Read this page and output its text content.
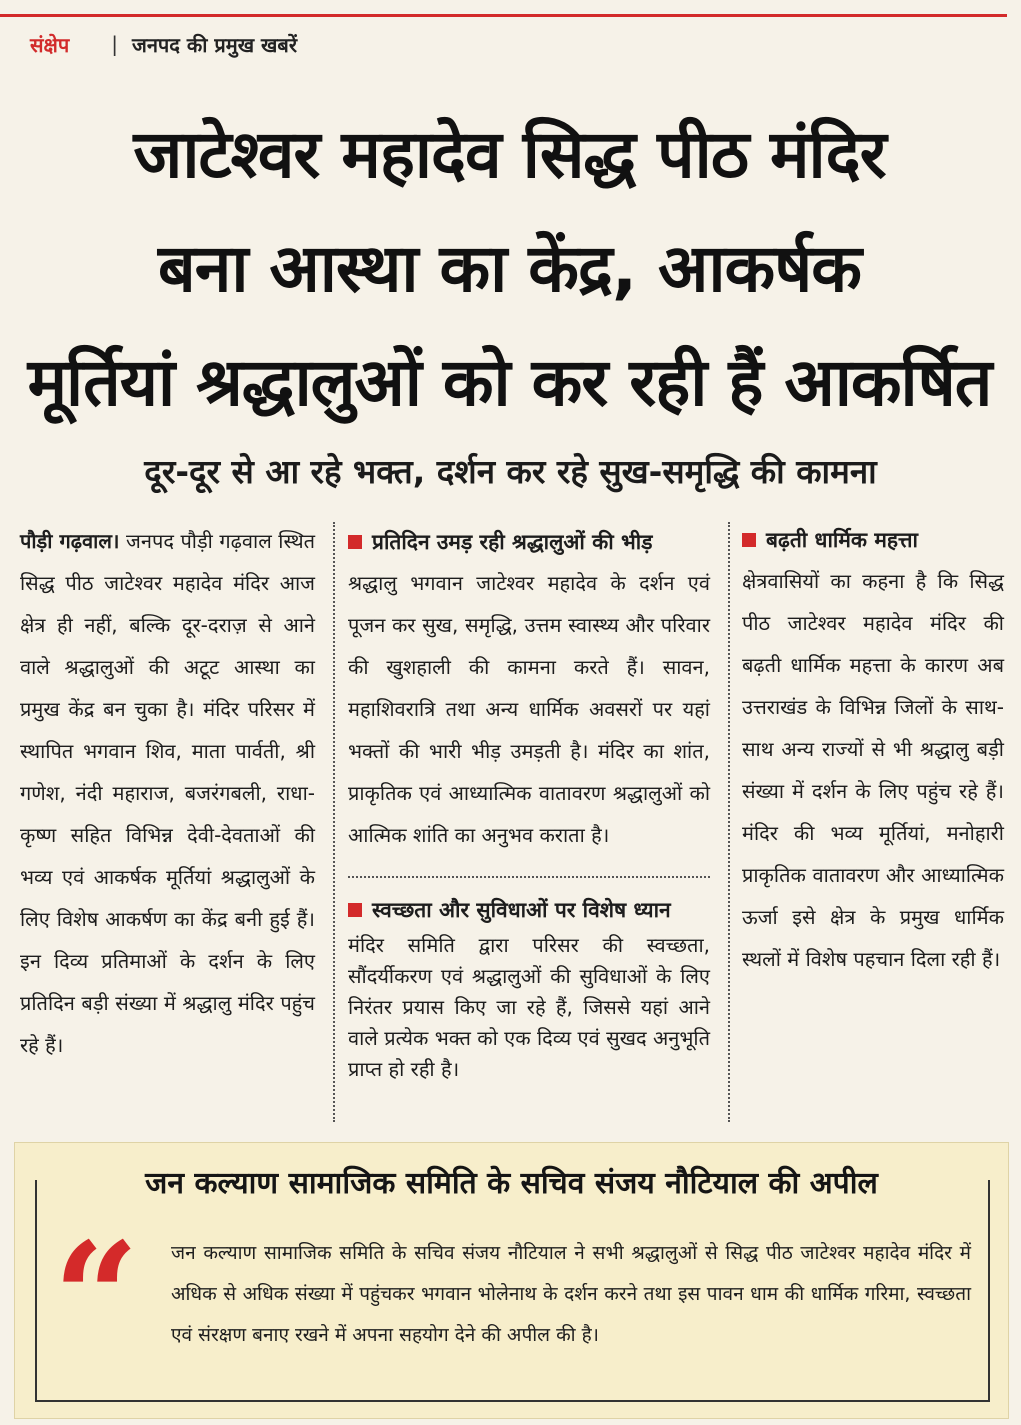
संक्षेप | जनपद की प्रमुख खबरें
जाटेश्वर महादेव सिद्ध पीठ मंदिर
बना आस्था का केंद्र, आकर्षक
मूर्तियां श्रद्धालुओं को कर रही हैं आकर्षित
दूर-दूर से आ रहे भक्त, दर्शन कर रहे सुख-समृद्धि की कामना

पौड़ी गढ़वाल। जनपद पौड़ी गढ़वाल स्थित सिद्ध पीठ जाटेश्वर महादेव मंदिर आज क्षेत्र ही नहीं, बल्कि दूर-दराज़ से आने वाले श्रद्धालुओं की अटूट आस्था का प्रमुख केंद्र बन चुका है। मंदिर परिसर में स्थापित भगवान शिव, माता पार्वती, श्री गणेश, नंदी महाराज, बजरंगबली, राधा-कृष्ण सहित विभिन्न देवी-देवताओं की भव्य एवं आकर्षक मूर्तियां श्रद्धालुओं के लिए विशेष आकर्षण का केंद्र बनी हुई हैं। इन दिव्य प्रतिमाओं के दर्शन के लिए प्रतिदिन बड़ी संख्या में श्रद्धालु मंदिर पहुंच रहे हैं।

प्रतिदिन उमड़ रही श्रद्धालुओं की भीड़

श्रद्धालु भगवान जाटेश्वर महादेव के दर्शन एवं पूजन कर सुख, समृद्धि, उत्तम स्वास्थ्य और परिवार की खुशहाली की कामना करते हैं। सावन, महाशिवरात्रि तथा अन्य धार्मिक अवसरों पर यहां भक्तों की भारी भीड़ उमड़ती है। मंदिर का शांत, प्राकृतिक एवं आध्यात्मिक वातावरण श्रद्धालुओं को आत्मिक शांति का अनुभव कराता है।

स्वच्छता और सुविधाओं पर विशेष ध्यान

मंदिर समिति द्वारा परिसर की स्वच्छता, सौंदर्यीकरण एवं श्रद्धालुओं की सुविधाओं के लिए निरंतर प्रयास किए जा रहे हैं, जिससे यहां आने वाले प्रत्येक भक्त को एक दिव्य एवं सुखद अनुभूति प्राप्त हो रही है।

बढ़ती धार्मिक महत्ता

क्षेत्रवासियों का कहना है कि सिद्ध पीठ जाटेश्वर महादेव मंदिर की बढ़ती धार्मिक महत्ता के कारण अब उत्तराखंड के विभिन्न जिलों के साथ-साथ अन्य राज्यों से भी श्रद्धालु बड़ी संख्या में दर्शन के लिए पहुंच रहे हैं। मंदिर की भव्य मूर्तियां, मनोहारी प्राकृतिक वातावरण और आध्यात्मिक ऊर्जा इसे क्षेत्र के प्रमुख धार्मिक स्थलों में विशेष पहचान दिला रही हैं।

जन कल्याण सामाजिक समिति के सचिव संजय नौटियाल की अपील
“ जन कल्याण सामाजिक समिति के सचिव संजय नौटियाल ने सभी श्रद्धालुओं से सिद्ध पीठ जाटेश्वर महादेव मंदिर में अधिक से अधिक संख्या में पहुंचकर भगवान भोलेनाथ के दर्शन करने तथा इस पावन धाम की धार्मिक गरिमा, स्वच्छता एवं संरक्षण बनाए रखने में अपना सहयोग देने की अपील की है।
